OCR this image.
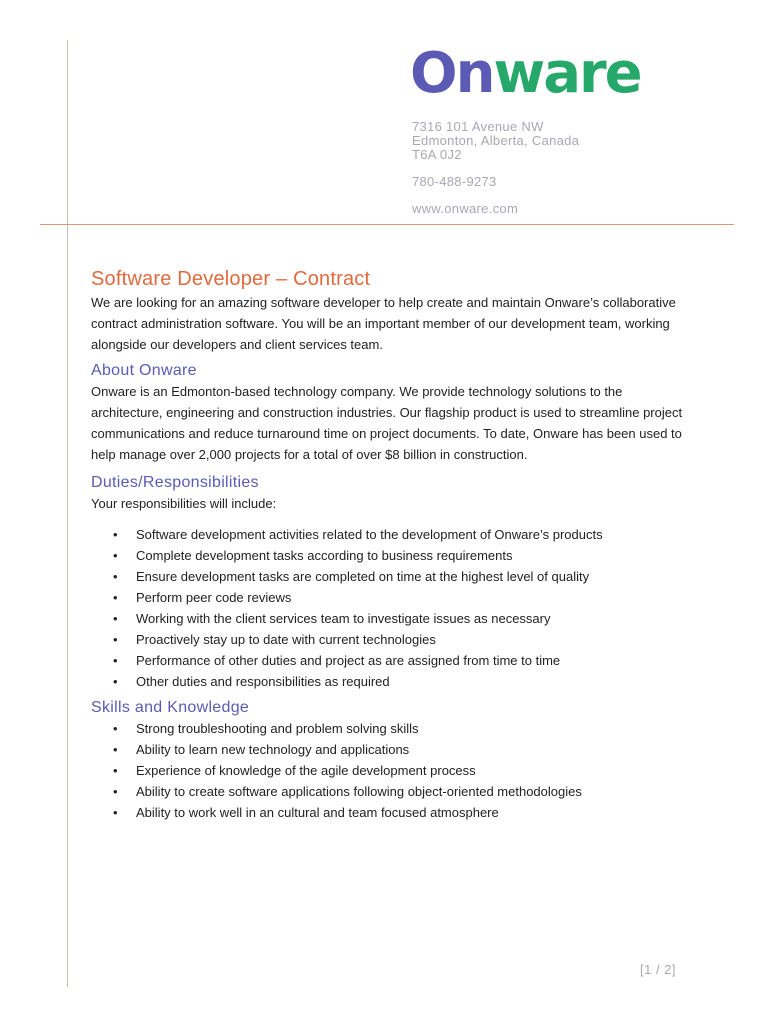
Onware
7316 101 Avenue NW
Edmonton, Alberta, Canada
T6A 0J2
780-488-9273
www.onware.com
Software Developer – Contract

We are looking for an amazing software developer to help create and maintain Onware’s collaborative contract administration software. You will be an important member of our development team, working alongside our developers and client services team.

About Onware

Onware is an Edmonton-based technology company. We provide technology solutions to the architecture, engineering and construction industries. Our flagship product is used to streamline project communications and reduce turnaround time on project documents. To date, Onware has been used to help manage over 2,000 projects for a total of over $8 billion in construction.

Duties/Responsibilities

Your responsibilities will include:

• Software development activities related to the development of Onware’s products
• Complete development tasks according to business requirements
• Ensure development tasks are completed on time at the highest level of quality
• Perform peer code reviews
• Working with the client services team to investigate issues as necessary
• Proactively stay up to date with current technologies
• Performance of other duties and project as are assigned from time to time
• Other duties and responsibilities as required
Skills and Knowledge
• Strong troubleshooting and problem solving skills
• Ability to learn new technology and applications
• Experience of knowledge of the agile development process
• Ability to create software applications following object-oriented methodologies
• Ability to work well in an cultural and team focused atmosphere
[1 / 2]
